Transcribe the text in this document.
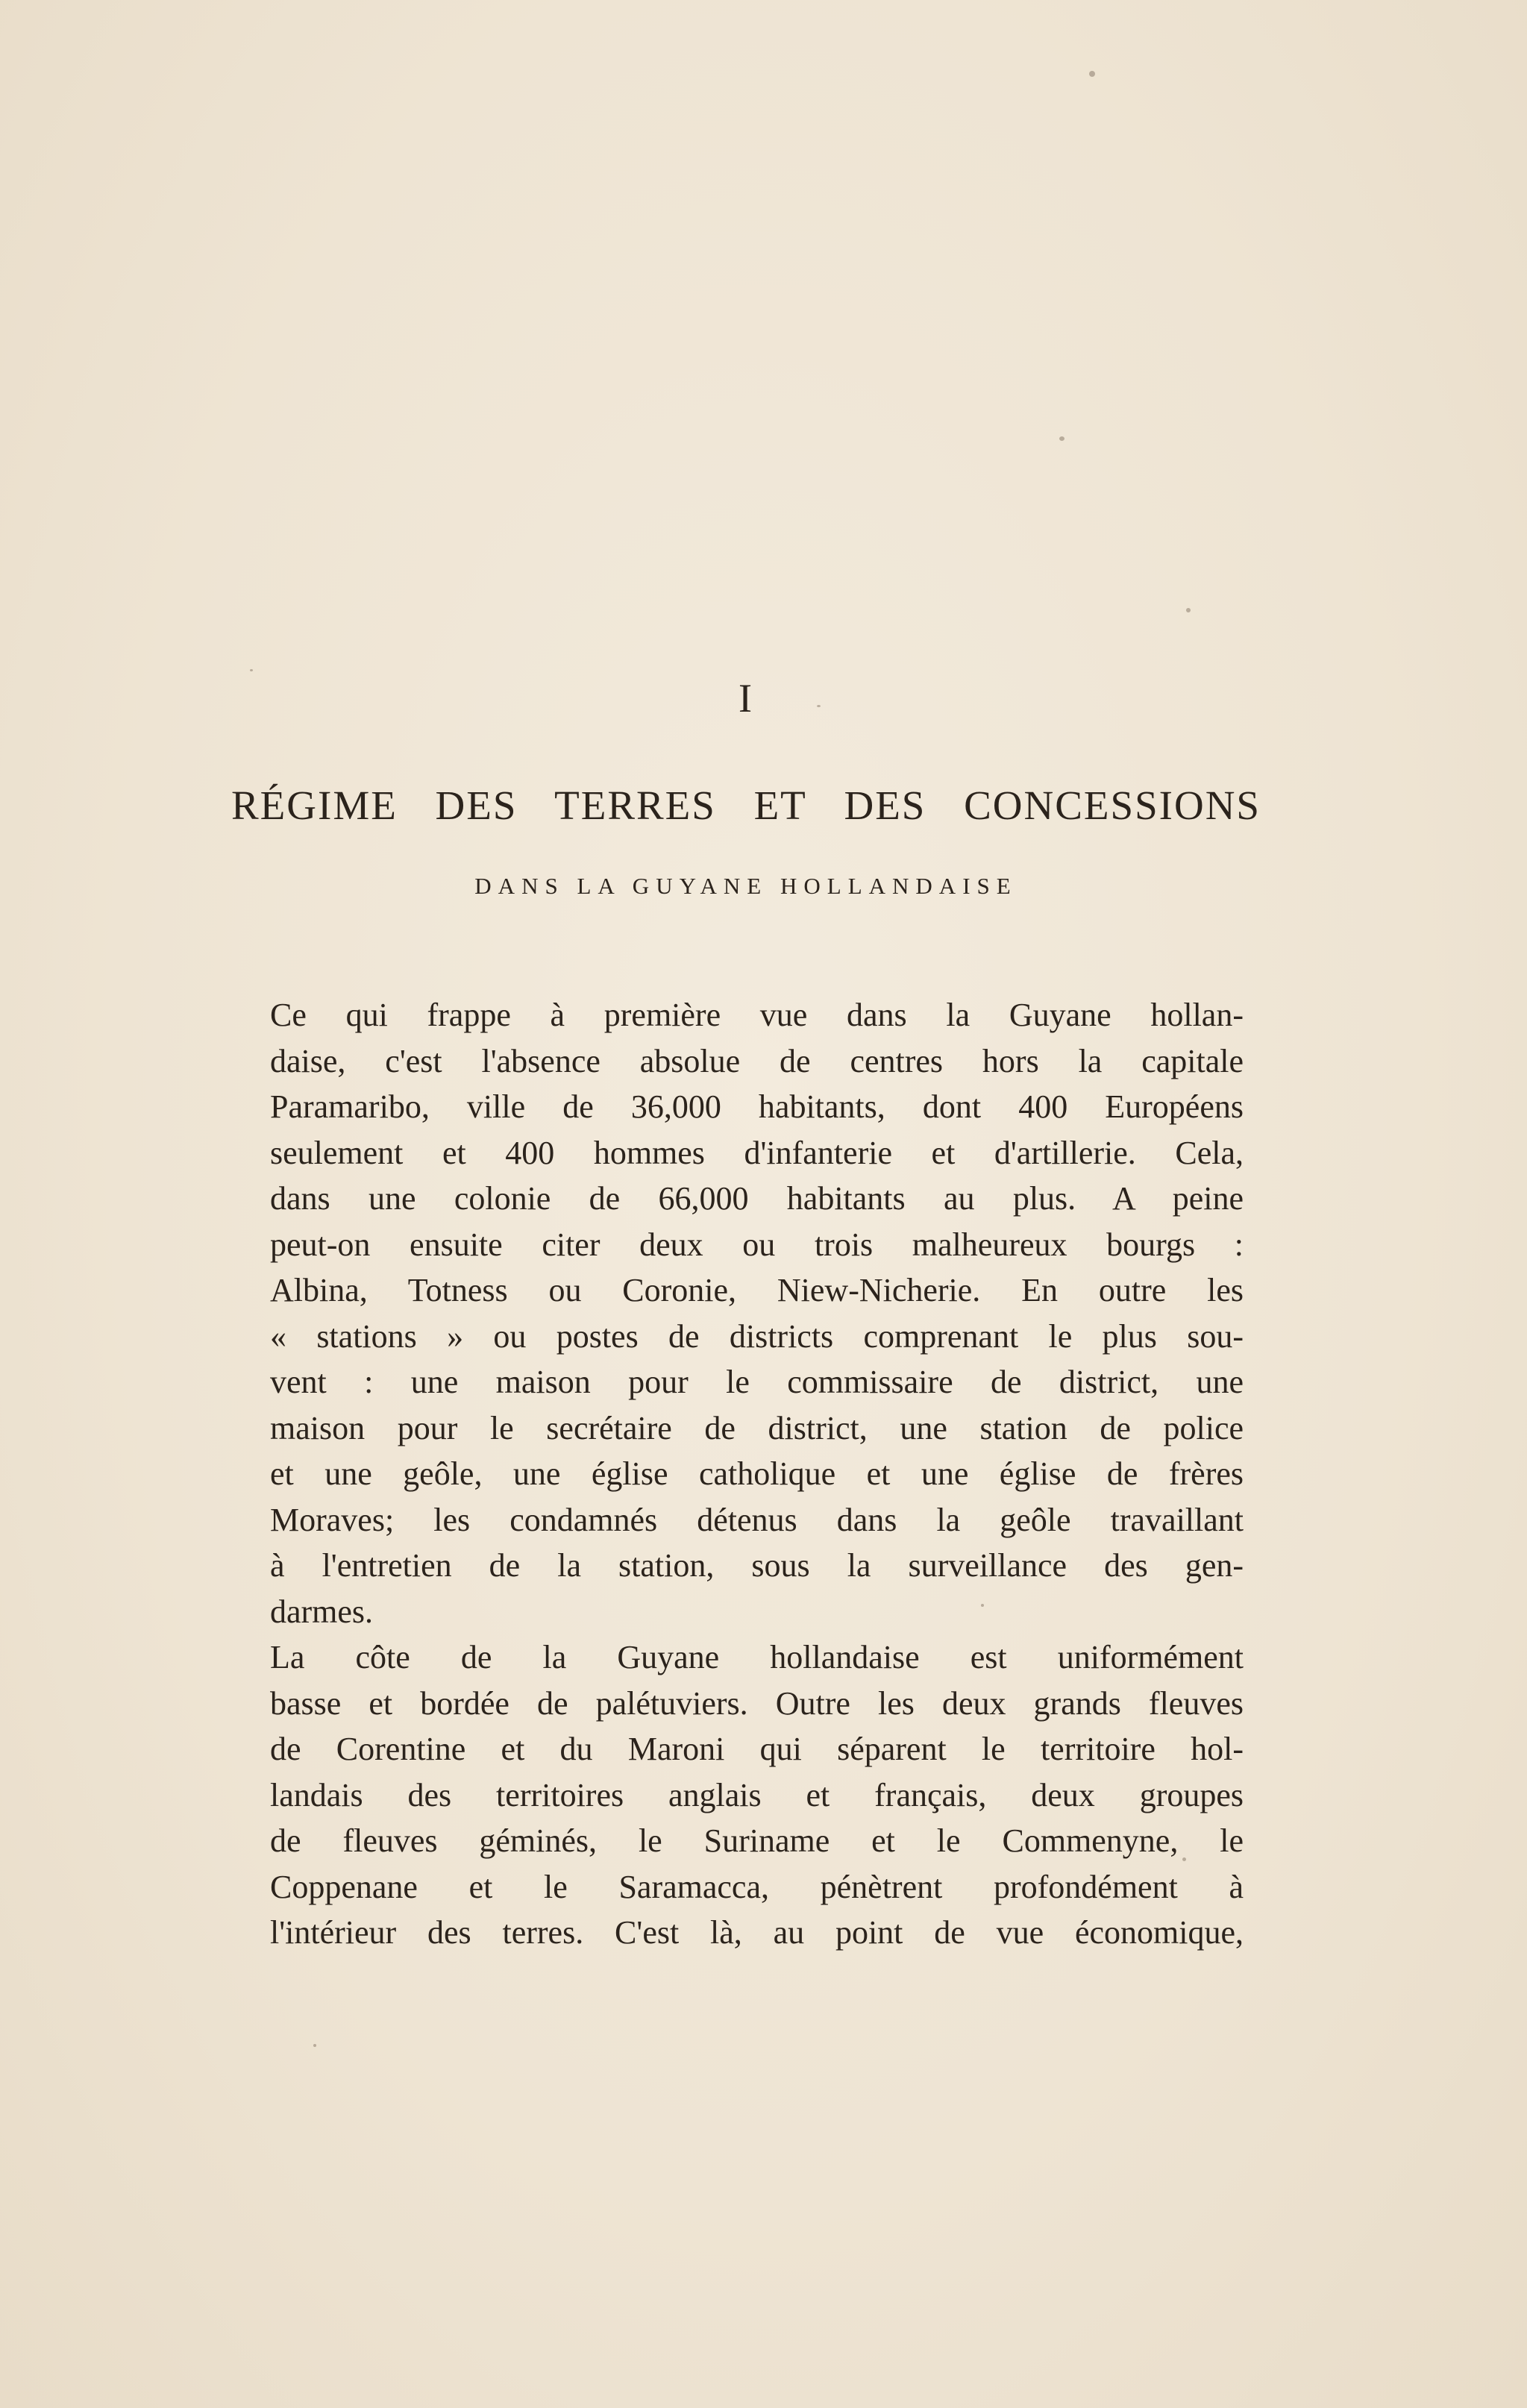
I
RÉGIME DES TERRES ET DES CONCESSIONS
DANS LA GUYANE HOLLANDAISE

Ce qui frappe à première vue dans la Guyane hollan-
daise, c'est l'absence absolue de centres hors la capitale
Paramaribo, ville de 36,000 habitants, dont 400 Européens
seulement et 400 hommes d'infanterie et d'artillerie. Cela,
dans une colonie de 66,000 habitants au plus. A peine
peut-on ensuite citer deux ou trois malheureux bourgs :
Albina, Totness ou Coronie, Niew-Nicherie. En outre les
« stations » ou postes de districts comprenant le plus sou-
vent : une maison pour le commissaire de district, une
maison pour le secrétaire de district, une station de police
et une geôle, une église catholique et une église de frères
Moraves; les condamnés détenus dans la geôle travaillant
à l'entretien de la station, sous la surveillance des gen-
darmes.

La côte de la Guyane hollandaise est uniformément
basse et bordée de palétuviers. Outre les deux grands fleuves
de Corentine et du Maroni qui séparent le territoire hol-
landais des territoires anglais et français, deux groupes
de fleuves géminés, le Suriname et le Commenyne, le
Coppenane et le Saramacca, pénètrent profondément à
l'intérieur des terres. C'est là, au point de vue économique,
